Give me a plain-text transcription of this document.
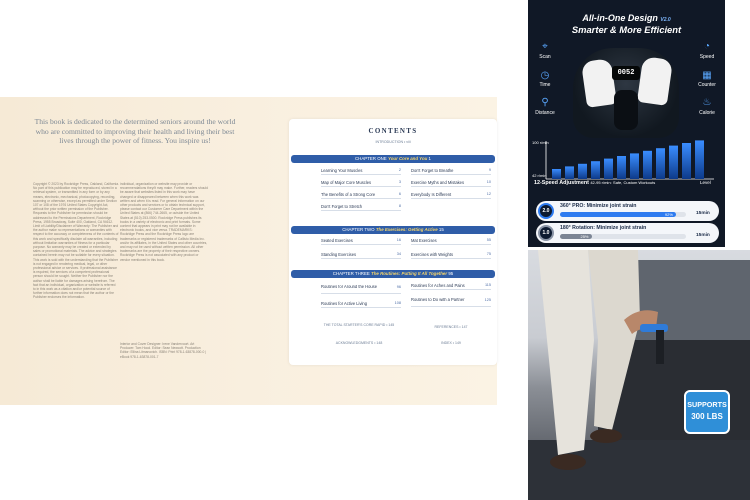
This book is dedicated to the determined seniors around the world who are committed to improving their health and living their best lives through the power of fitness. You inspire us!
Copyright © 2023 by Rockridge Press, Oakland, California. No part of this publication may be reproduced, stored in a retrieval system, or transmitted in any form or by any means, electronic, mechanical, photocopying, recording, scanning or otherwise, except as permitted under Section 107 or 108 of the 1976 United States Copyright Act, without the prior written permission of the Publisher. Requests to the Publisher for permission should be addressed to the Permissions Department, Rockridge Press, 1955 Broadway, Suite 400, Oakland, CA 94612. Limit of Liability/Disclaimer of Warranty: The Publisher and the author make no representations or warranties with respect to the accuracy or completeness of the contents of this work and specifically disclaim all warranties, including without limitation warranties of fitness for a particular purpose. No warranty may be created or extended by sales or promotional materials. The advice and strategies contained herein may not be suitable for every situation. This work is sold with the understanding that the Publisher is not engaged in rendering medical, legal, or other professional advice or services. If professional assistance is required, the services of a competent professional person should be sought. Neither the Publisher nor the author shall be liable for damages arising herefrom. The fact that an individual, organization or website is referred to in this work as a citation and/or potential source of further information does not mean that the author or the Publisher endorses the information.
individual, organization or website may provide or recommendations they/it may make. Further, readers should be aware that websites listed in this work may have changed or disappeared between when this work was written and when it is read. For general information on our other products and services or to obtain technical support, please contact our Customer Care Department within the United States at (866) 744-2665, or outside the United States at (510) 253-0500. Rockridge Press publishes its books in a variety of electronic and print formats. Some content that appears in print may not be available in electronic books, and vice versa. TRADEMARKS: Rockridge Press and the Rockridge Press logo are trademarks or registered trademarks of Callisto Media Inc. and/or its affiliates, in the United States and other countries, and may not be used without written permission. All other trademarks are the property of their respective owners. Rockridge Press is not associated with any product or vendor mentioned in this book.
Interior and Cover Designer: Irene Vandervoort. Art Producer: Tom Hood. Editor: Sean Newcott. Production Editor: Ellina Litmanovich. ISBN: Print 978-1-63878-000-0 | eBook 978-1-63878-001-7
CONTENTS
INTRODUCTION • viii
CHAPTER ONE Your Core and You 1
Learning Your Muscles	2
Map of Major Core Muscles	3
The Benefits of a Strong Core	6
Don't Forget to Stretch	8
Don't Forget to Breathe	9
Exercise Myths and Mistakes	10
Everybody Is Different	12
CHAPTER TWO The Exercises: Getting Active 15
Seated Exercises	16
Standing Exercises	34
Mat Exercises	55
Exercises with Weights	75
CHAPTER THREE The Routines: Putting It All Together 95
Routines for Around the House	96
Routines for Active Living	108
Routines for Aches and Pains	115
Routines to Do with a Partner	125
THE TOTAL STARTER'S CORE RAPID • 145	REFERENCES • 147
ACKNOWLEDGMENTS • 148	INDEX • 149
All-in-One Design V2.0
Smarter & More Efficient
0052
⌖
Scan
◷
Time
⚲
Distance
◔
Speed
▦
Counter
♨
Calorie
100 r/min
42 r/min
Level
12-Speed Adjustment 42-95 r/min: Safe, Custom Workouts
2.0
360° PRO: Minimize joint strain
92%	15min
1.0
180° Rotation: Minimize joint strain
25%	15min
SUPPORTS
300 LBS
